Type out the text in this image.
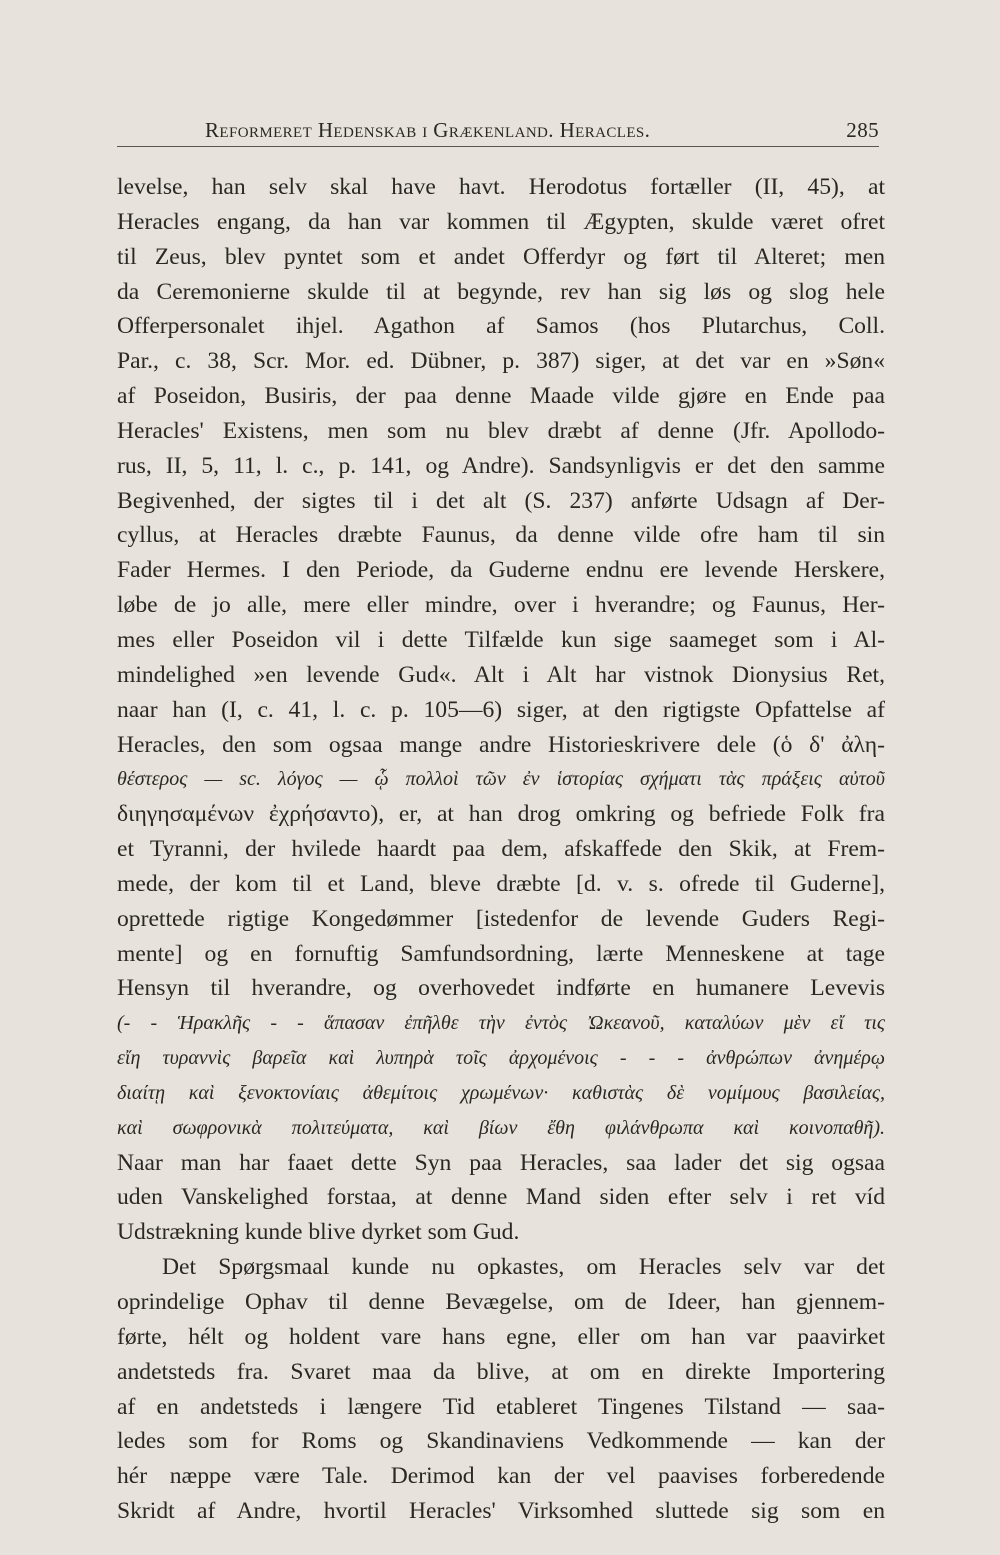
Reformeret Hedenskab i Grækenland. Heracles.	285
levelse, han selv skal have havt. Herodotus fortæller (II, 45), at
Heracles engang, da han var kommen til Ægypten, skulde været ofret
til Zeus, blev pyntet som et andet Offerdyr og ført til Alteret; men
da Ceremonierne skulde til at begynde, rev han sig løs og slog hele
Offerpersonalet ihjel. Agathon af Samos (hos Plutarchus, Coll.
Par., c. 38, Scr. Mor. ed. Dübner, p. 387) siger, at det var en »Søn«
af Poseidon, Busiris, der paa denne Maade vilde gjøre en Ende paa
Heracles' Existens, men som nu blev dræbt af denne (Jfr. Apollodo-
rus, II, 5, 11, l. c., p. 141, og Andre). Sandsynligvis er det den samme
Begivenhed, der sigtes til i det alt (S. 237) anførte Udsagn af Der-
cyllus, at Heracles dræbte Faunus, da denne vilde ofre ham til sin
Fader Hermes. I den Periode, da Guderne endnu ere levende Herskere,
løbe de jo alle, mere eller mindre, over i hverandre; og Faunus, Her-
mes eller Poseidon vil i dette Tilfælde kun sige saameget som i Al-
mindelighed »en levende Gud«. Alt i Alt har vistnok Dionysius Ret,
naar han (I, c. 41, l. c. p. 105—6) siger, at den rigtigste Opfattelse af
Heracles, den som ogsaa mange andre Historieskrivere dele (ὁ δ' ἀλη-
θέστερος — sc. λόγος — ᾧ πολλοὶ τῶν ἐν ἱστορίας σχήματι τὰς πράξεις αὐτοῦ
διηγησαμένων ἐχρήσαντο), er, at han drog omkring og befriede Folk fra
et Tyranni, der hvilede haardt paa dem, afskaffede den Skik, at Frem-
mede, der kom til et Land, bleve dræbte [d. v. s. ofrede til Guderne],
oprettede rigtige Kongedømmer [istedenfor de levende Guders Regi-
mente] og en fornuftig Samfundsordning, lærte Menneskene at tage
Hensyn til hverandre, og overhovedet indførte en humanere Levevis
(- - Ἡρακλῆς - - ἅπασαν ἐπῆλθε τὴν ἐντὸς Ὠκεανοῦ, καταλύων μὲν εἴ τις
εἴη τυραννὶς βαρεῖα καὶ λυπηρὰ τοῖς ἀρχομένοις - - - ἀνθρώπων ἀνημέρῳ
διαίτῃ καὶ ξενοκτονίαις ἀθεμίτοις χρωμένων· καθιστὰς δὲ νομίμους βασιλείας,
καὶ σωφρονικὰ πολιτεύματα, καὶ βίων ἔθη φιλάνθρωπα καὶ κοινοπαθῆ).
Naar man har faaet dette Syn paa Heracles, saa lader det sig ogsaa
uden Vanskelighed forstaa, at denne Mand siden efter selv i ret víd
Udstrækning kunde blive dyrket som Gud.
Det Spørgsmaal kunde nu opkastes, om Heracles selv var det
oprindelige Ophav til denne Bevægelse, om de Ideer, han gjennem-
førte, hélt og holdent vare hans egne, eller om han var paavirket
andetsteds fra. Svaret maa da blive, at om en direkte Importering
af en andetsteds i længere Tid etableret Tingenes Tilstand — saa-
ledes som for Roms og Skandinaviens Vedkommende — kan der
hér næppe være Tale. Derimod kan der vel paavises forberedende
Skridt af Andre, hvortil Heracles' Virksomhed sluttede sig som en
